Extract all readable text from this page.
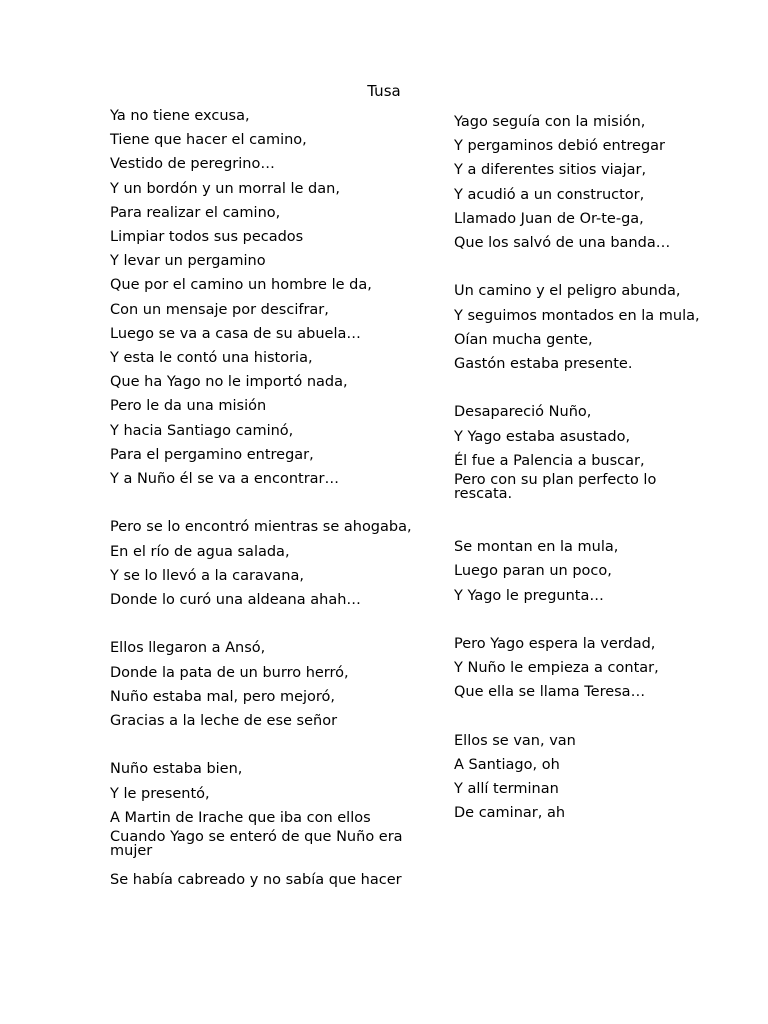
Tusa
Ya no tiene excusa,
Tiene que hacer el camino,
Vestido de peregrino…
Y un bordón y un morral le dan,
Para realizar el camino,
Limpiar todos sus pecados
Y levar un pergamino
Que por el camino un hombre le da,
Con un mensaje por descifrar,
Luego se va a casa de su abuela…
Y esta le contó una historia,
Que ha Yago no le importó nada,
Pero le da una misión
Y hacia Santiago caminó,
Para el pergamino entregar,
Y a Nuño él se va a encontrar…
Pero se lo encontró mientras se ahogaba,
En el río de agua salada,
Y se lo llevó a la caravana,
Donde lo curó una aldeana ahah…
Ellos llegaron a Ansó,
Donde la pata de un burro herró,
Nuño estaba mal, pero mejoró,
Gracias a la leche de ese señor
Nuño estaba bien,
Y le presentó,
A Martin de Irache que iba con ellos
Cuando Yago se enteró de que Nuño era mujer
Se había cabreado y no sabía que hacer
Yago seguía con la misión,
Y pergaminos debió entregar
Y a diferentes sitios viajar,
Y acudió a un constructor,
Llamado Juan de Or-te-ga,
Que los salvó de una banda…
Un camino y el peligro abunda,
Y seguimos montados en la mula,
Oían mucha gente,
Gastón estaba presente.
Desapareció Nuño,
Y Yago estaba asustado,
Él fue a Palencia a buscar,
Pero con su plan perfecto lo rescata.
Se montan en la mula,
Luego paran un poco,
Y Yago le pregunta…
Pero Yago espera la verdad,
Y Nuño le empieza a contar,
Que ella se llama Teresa…
Ellos se van, van
A Santiago, oh
Y allí terminan
De caminar, ah
